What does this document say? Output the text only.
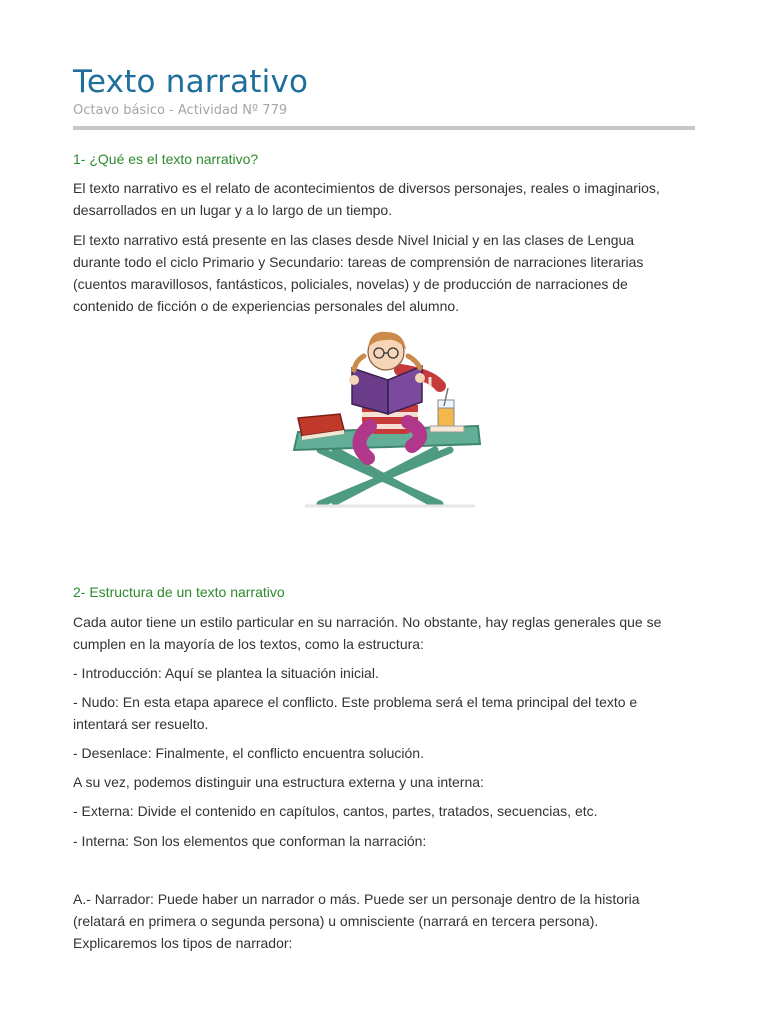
Texto narrativo
Octavo básico - Actividad Nº 779
1- ¿Qué es el texto narrativo?
El texto narrativo es el relato de acontecimientos de diversos personajes, reales o imaginarios, desarrollados en un lugar y a lo largo de un tiempo.
El texto narrativo está presente en las clases desde Nivel Inicial y en las clases de Lengua durante todo el ciclo Primario y Secundario: tareas de comprensión de narraciones literarias (cuentos maravillosos, fantásticos, policiales, novelas) y de producción de narraciones de contenido de ficción o de experiencias personales del alumno.
2- Estructura de un texto narrativo
Cada autor tiene un estilo particular en su narración. No obstante, hay reglas generales que se cumplen en la mayoría de los textos, como la estructura:
- Introducción: Aquí se plantea la situación inicial.
- Nudo: En esta etapa aparece el conflicto. Este problema será el tema principal del texto e intentará ser resuelto.
- Desenlace: Finalmente, el conflicto encuentra solución.
A su vez, podemos distinguir una estructura externa y una interna:
- Externa: Divide el contenido en capítulos, cantos, partes, tratados, secuencias, etc.
- Interna: Son los elementos que conforman la narración:
A.- Narrador: Puede haber un narrador o más. Puede ser un personaje dentro de la historia (relatará en primera o segunda persona) u omnisciente (narrará en tercera persona). Explicaremos los tipos de narrador:
